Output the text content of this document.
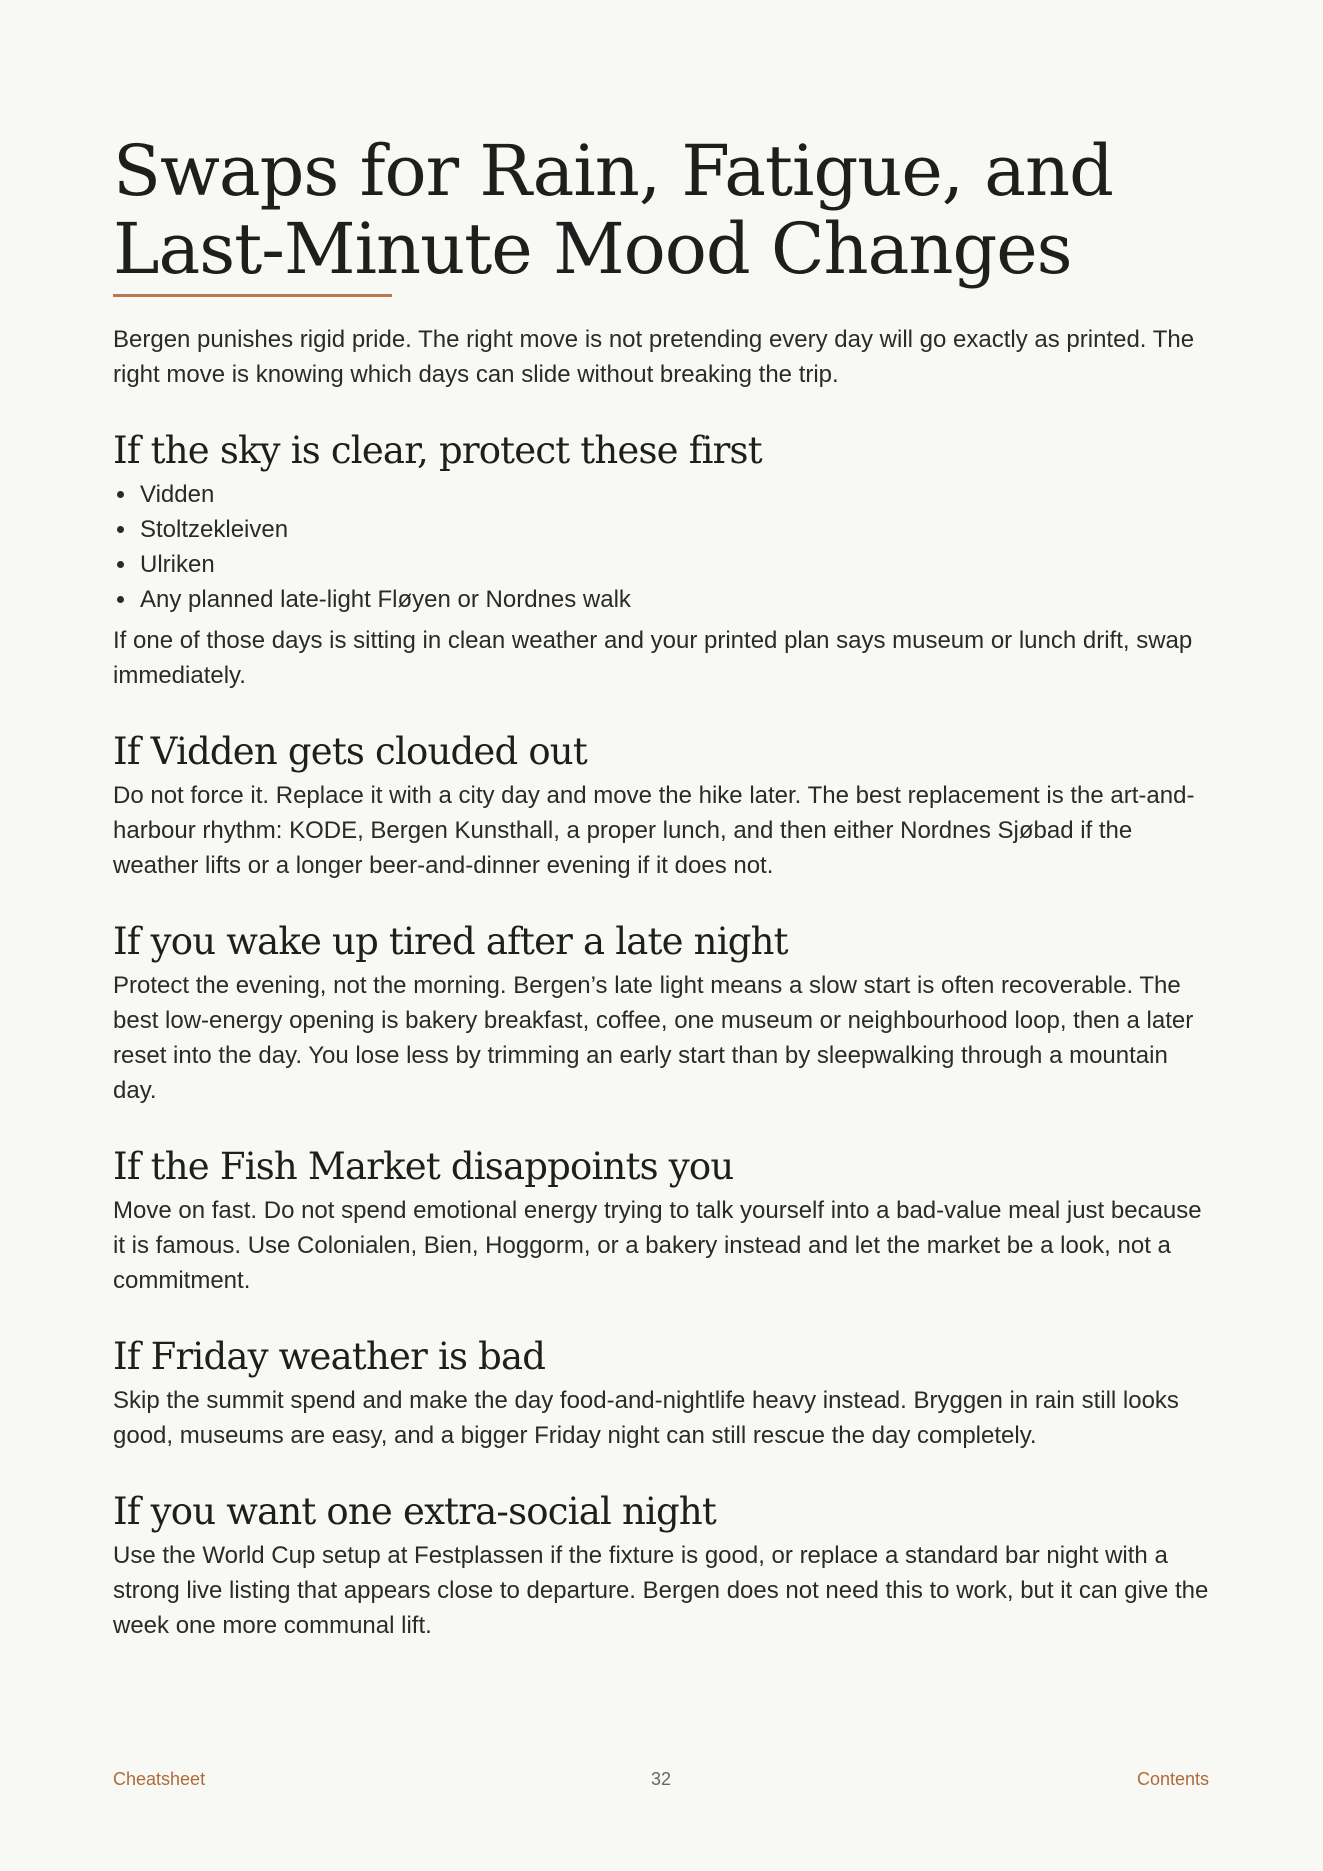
Swaps for Rain, Fatigue, and Last-Minute Mood Changes

Bergen punishes rigid pride. The right move is not pretending every day will go exactly as printed. The right move is knowing which days can slide without breaking the trip.

If the sky is clear, protect these first
• Vidden
• Stoltzekleiven
• Ulriken
• Any planned late-light Fløyen or Nordnes walk

If one of those days is sitting in clean weather and your printed plan says museum or lunch drift, swap immediately.

If Vidden gets clouded out

Do not force it. Replace it with a city day and move the hike later. The best replacement is the art-and-harbour rhythm: KODE, Bergen Kunsthall, a proper lunch, and then either Nordnes Sjøbad if the weather lifts or a longer beer-and-dinner evening if it does not.

If you wake up tired after a late night

Protect the evening, not the morning. Bergen’s late light means a slow start is often recoverable. The best low-energy opening is bakery breakfast, coffee, one museum or neighbourhood loop, then a later reset into the day. You lose less by trimming an early start than by sleepwalking through a mountain day.

If the Fish Market disappoints you

Move on fast. Do not spend emotional energy trying to talk yourself into a bad-value meal just because it is famous. Use Colonialen, Bien, Hoggorm, or a bakery instead and let the market be a look, not a commitment.

If Friday weather is bad

Skip the summit spend and make the day food-and-nightlife heavy instead. Bryggen in rain still looks good, museums are easy, and a bigger Friday night can still rescue the day completely.

If you want one extra-social night

Use the World Cup setup at Festplassen if the fixture is good, or replace a standard bar night with a strong live listing that appears close to departure. Bergen does not need this to work, but it can give the week one more communal lift.

32
Cheatsheet	Contents
